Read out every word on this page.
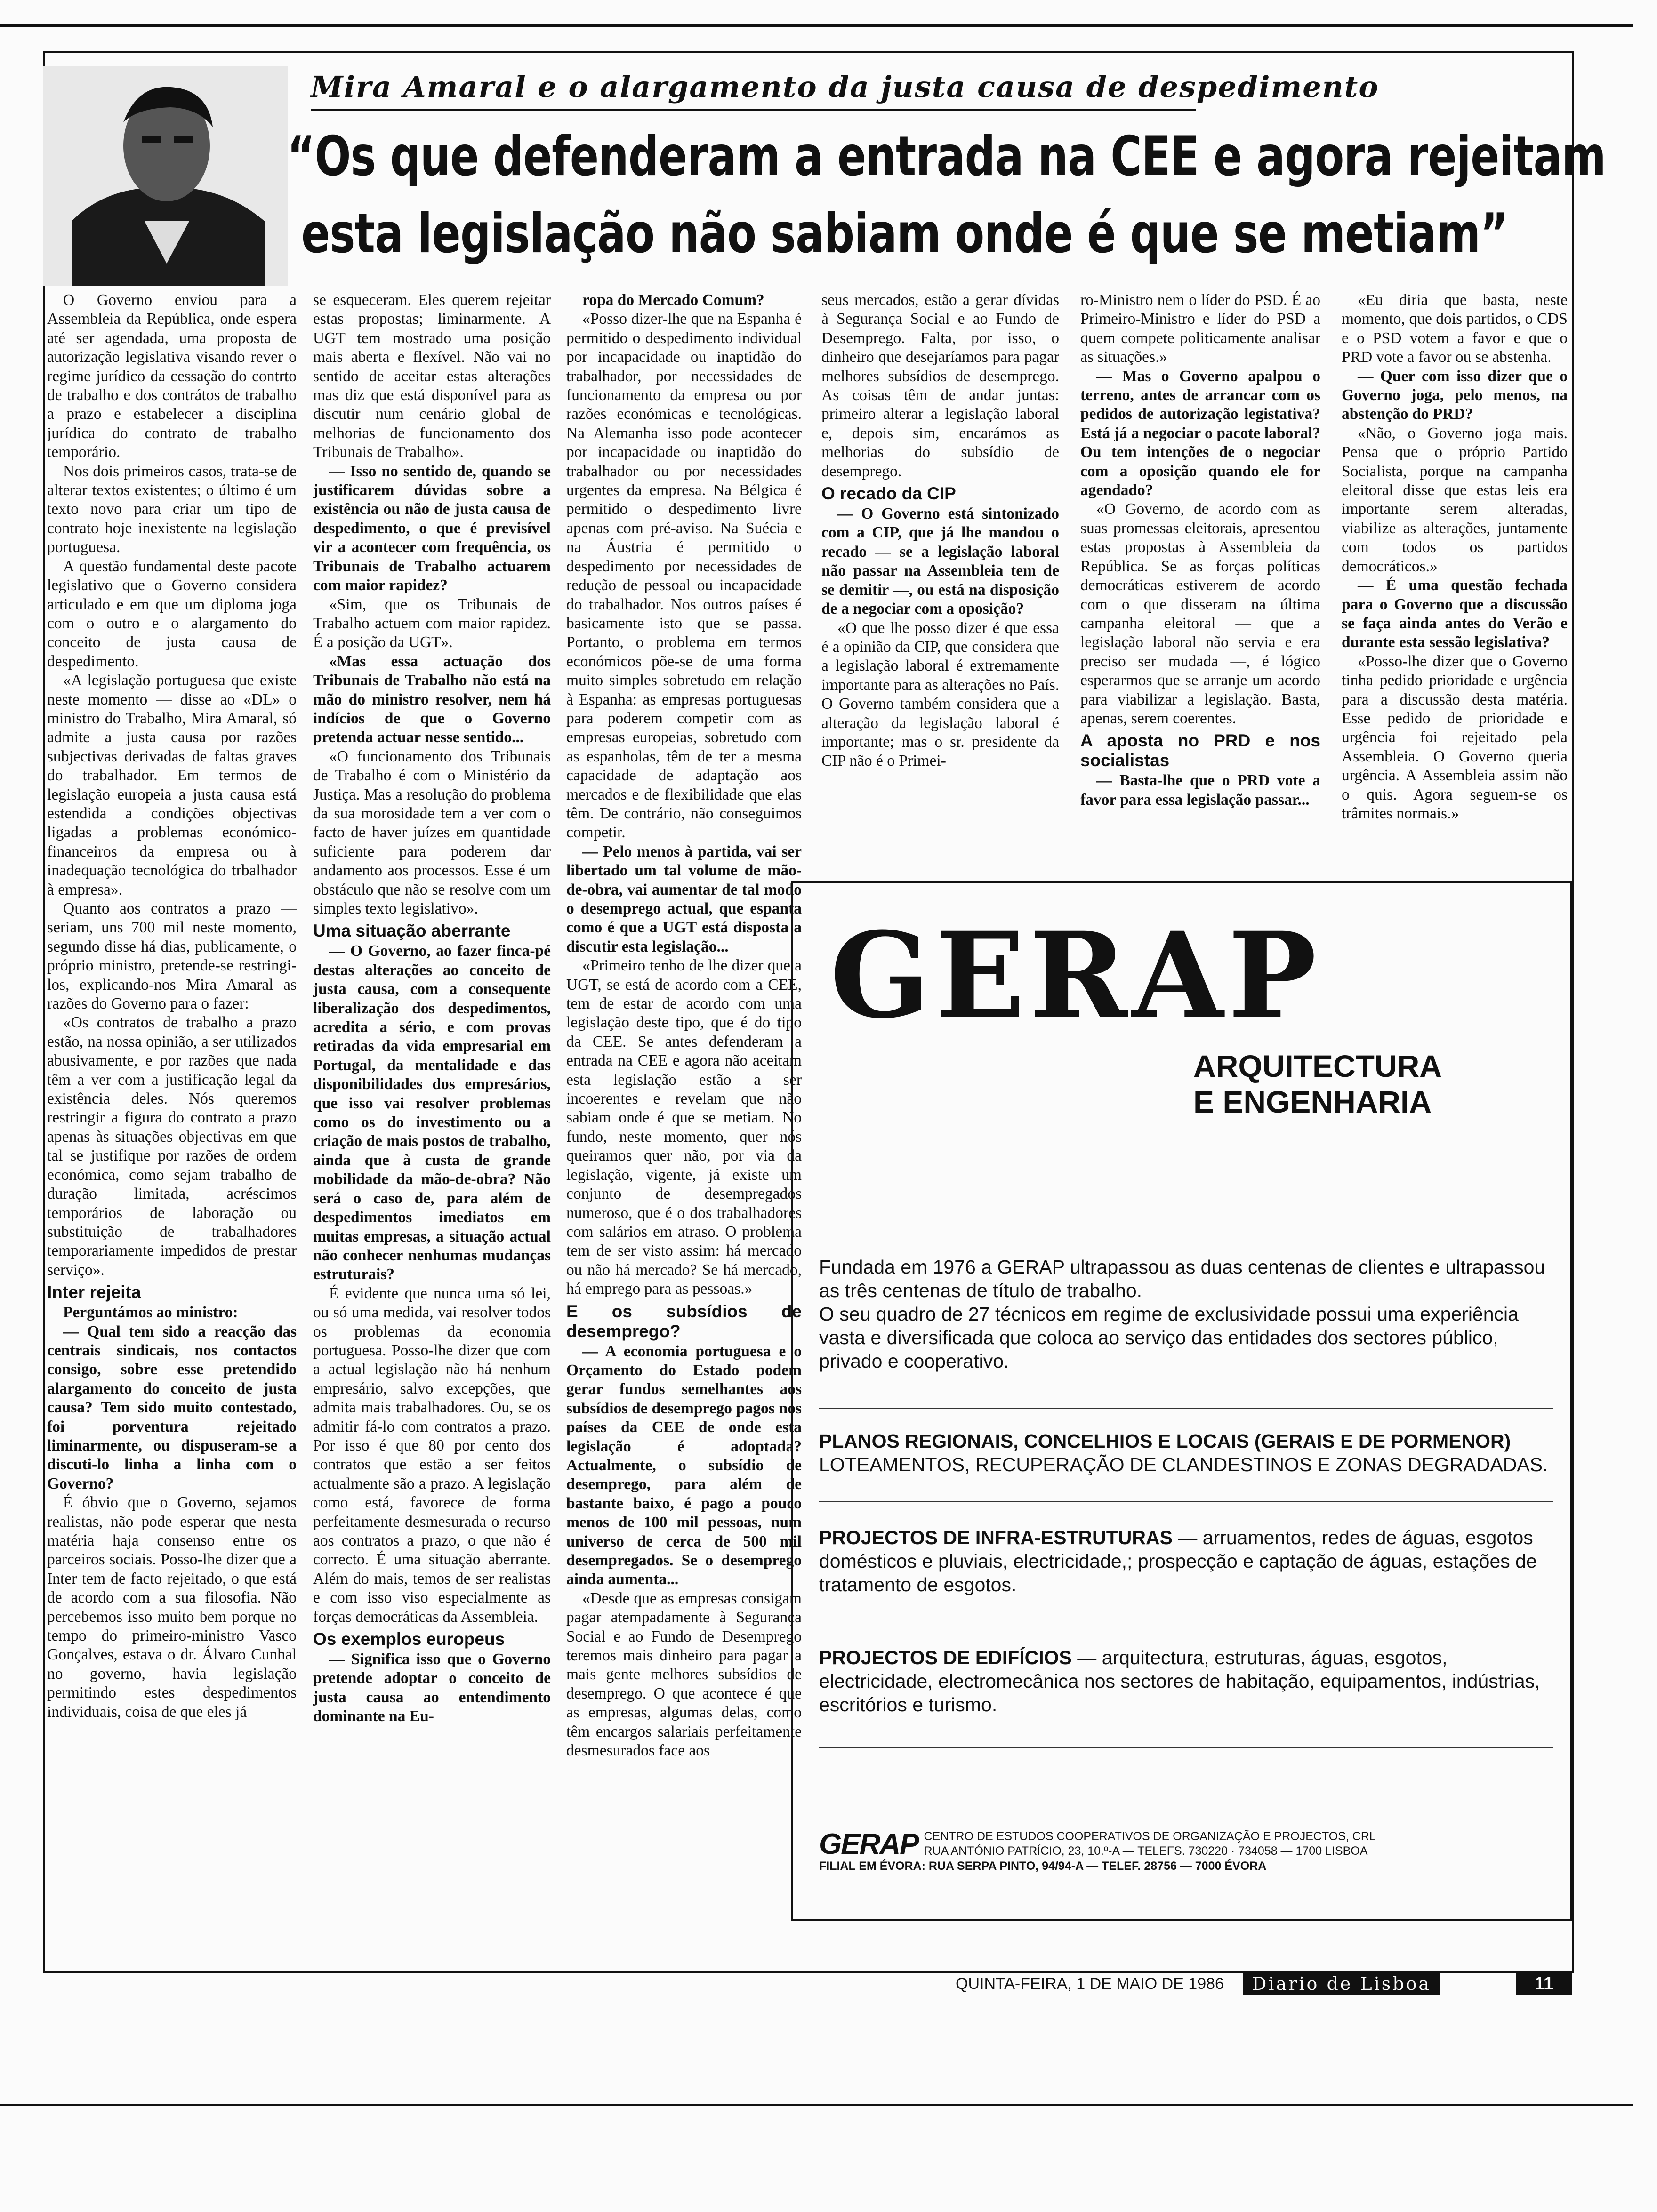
Mira Amaral e o alargamento da justa causa de despedimento
“Os que defenderam a entrada na CEE e agora rejeitam
esta legislação não sabiam onde é que se metiam”

O Governo enviou para a Assembleia da República, onde espera até ser agendada, uma proposta de autorização legislativa visando rever o regime jurídico da cessação do contrto de trabalho e dos contrátos de trabalho a prazo e estabelecer a disciplina jurídica do contrato de trabalho temporário.

Nos dois primeiros casos, trata-se de alterar textos existentes; o último é um texto novo para criar um tipo de contrato hoje inexistente na legislação portuguesa.

A questão fundamental deste pacote legislativo que o Governo considera articulado e em que um diploma joga com o outro e o alargamento do conceito de justa causa de despedimento.

«A legislação portuguesa que existe neste momento — disse ao «DL» o ministro do Trabalho, Mira Amaral, só admite a justa causa por razões subjectivas derivadas de faltas graves do trabalhador. Em termos de legislação europeia a justa causa está estendida a condições objectivas ligadas a problemas económico-financeiros da empresa ou à inadequação tecnológica do trbalhador à empresa».

Quanto aos contratos a prazo — seriam, uns 700 mil neste momento, segundo disse há dias, publicamente, o próprio ministro, pretende-se restringi-los, explicando-nos Mira Amaral as razões do Governo para o fazer:

«Os contratos de trabalho a prazo estão, na nossa opinião, a ser utilizados abusivamente, e por razões que nada têm a ver com a justificação legal da existência deles. Nós queremos restringir a figura do contrato a prazo apenas às situações objectivas em que tal se justifique por razões de ordem económica, como sejam trabalho de duração limitada, acréscimos temporários de laboração ou substituição de trabalhadores temporariamente impedidos de prestar serviço».

Inter rejeita

Perguntámos ao ministro:

— Qual tem sido a reacção das centrais sindicais, nos contactos consigo, sobre esse pretendido alargamento do conceito de justa causa? Tem sido muito contestado, foi porventura rejeitado liminarmente, ou dispuseram-se a discuti-lo linha a linha com o Governo?

É óbvio que o Governo, sejamos realistas, não pode esperar que nesta matéria haja consenso entre os parceiros sociais. Posso-lhe dizer que a Inter tem de facto rejeitado, o que está de acordo com a sua filosofia. Não percebemos isso muito bem porque no tempo do primeiro-ministro Vasco Gonçalves, estava o dr. Álvaro Cunhal no governo, havia legislação permitindo estes despedimentos individuais, coisa de que eles já

se esqueceram. Eles querem rejeitar estas propostas; liminarmente. A UGT tem mostrado uma posição mais aberta e flexível. Não vai no sentido de aceitar estas alterações mas diz que está disponível para as discutir num cenário global de melhorias de funcionamento dos Tribunais de Trabalho».

— Isso no sentido de, quando se justificarem dúvidas sobre a existência ou não de justa causa de despedimento, o que é previsível vir a acontecer com frequência, os Tribunais de Trabalho actuarem com maior rapidez?

«Sim, que os Tribunais de Trabalho actuem com maior rapidez. É a posição da UGT».

«Mas essa actuação dos Tribunais de Trabalho não está na mão do ministro resolver, nem há indícios de que o Governo pretenda actuar nesse sentido...

«O funcionamento dos Tribunais de Trabalho é com o Ministério da Justiça. Mas a resolução do problema da sua morosidade tem a ver com o facto de haver juízes em quantidade suficiente para poderem dar andamento aos processos. Esse é um obstáculo que não se resolve com um simples texto legislativo».

Uma situação aberrante

— O Governo, ao fazer finca-pé destas alterações ao conceito de justa causa, com a consequente liberalização dos despedimentos, acredita a sério, e com provas retiradas da vida empresarial em Portugal, da mentalidade e das disponibilidades dos empresários, que isso vai resolver problemas como os do investimento ou a criação de mais postos de trabalho, ainda que à custa de grande mobilidade da mão-de-obra? Não será o caso de, para além de despedimentos imediatos em muitas empresas, a situação actual não conhecer nenhumas mudanças estruturais?

É evidente que nunca uma só lei, ou só uma medida, vai resolver todos os problemas da economia portuguesa. Posso-lhe dizer que com a actual legislação não há nenhum empresário, salvo excepções, que admita mais trabalhadores. Ou, se os admitir fá-lo com contratos a prazo. Por isso é que 80 por cento dos contratos que estão a ser feitos actualmente são a prazo. A legislação como está, favorece de forma perfeitamente desmesurada o recurso aos contratos a prazo, o que não é correcto. É uma situação aberrante. Além do mais, temos de ser realistas e com isso viso especialmente as forças democráticas da Assembleia.

Os exemplos europeus

— Significa isso que o Governo pretende adoptar o conceito de justa causa ao entendimento dominante na Eu-

ropa do Mercado Comum?

«Posso dizer-lhe que na Espanha é permitido o despedimento individual por incapacidade ou inaptidão do trabalhador, por necessidades de funcionamento da empresa ou por razões económicas e tecnológicas. Na Alemanha isso pode acontecer por incapacidade ou inaptidão do trabalhador ou por necessidades urgentes da empresa. Na Bélgica é permitido o despedimento livre apenas com pré-aviso. Na Suécia e na Áustria é permitido o despedimento por necessidades de redução de pessoal ou incapacidade do trabalhador. Nos outros países é basicamente isto que se passa. Portanto, o problema em termos económicos põe-se de uma forma muito simples sobretudo em relação à Espanha: as empresas portuguesas para poderem competir com as empresas europeias, sobretudo com as espanholas, têm de ter a mesma capacidade de adaptação aos mercados e de flexibilidade que elas têm. De contrário, não conseguimos competir.

— Pelo menos à partida, vai ser libertado um tal volume de mão-de-obra, vai aumentar de tal modo o desemprego actual, que espanta como é que a UGT está disposta a discutir esta legislação...

«Primeiro tenho de lhe dizer que a UGT, se está de acordo com a CEE, tem de estar de acordo com uma legislação deste tipo, que é do tipo da CEE. Se antes defenderam a entrada na CEE e agora não aceitam esta legislação estão a ser incoerentes e revelam que não sabiam onde é que se metiam. No fundo, neste momento, quer nós queiramos quer não, por via da legislação, vigente, já existe um conjunto de desempregados numeroso, que é o dos trabalhadores com salários em atraso. O problema tem de ser visto assim: há mercado ou não há mercado? Se há mercado, há emprego para as pessoas.»

E os subsídios de desemprego?

— A economia portuguesa e o Orçamento do Estado podem gerar fundos semelhantes aos subsídios de desemprego pagos nos países da CEE de onde esta legislação é adoptada? Actualmente, o subsídio de desemprego, para além de bastante baixo, é pago a pouco menos de 100 mil pessoas, num universo de cerca de 500 mil desempregados. Se o desemprego ainda aumenta...

«Desde que as empresas consigam pagar atempadamente à Segurança Social e ao Fundo de Desemprego teremos mais dinheiro para pagar a mais gente melhores subsídios de desemprego. O que acontece é que as empresas, algumas delas, como têm encargos salariais perfeitamente desmesurados face aos

seus mercados, estão a gerar dívidas à Segurança Social e ao Fundo de Desemprego. Falta, por isso, o dinheiro que desejaríamos para pagar melhores subsídios de desemprego. As coisas têm de andar juntas: primeiro alterar a legislação laboral e, depois sim, encarámos as melhorias do subsídio de desemprego.

O recado da CIP

— O Governo está sintonizado com a CIP, que já lhe mandou o recado — se a legislação laboral não passar na Assembleia tem de se demitir —, ou está na disposição de a negociar com a oposição?

«O que lhe posso dizer é que essa é a opinião da CIP, que considera que a legislação laboral é extremamente importante para as alterações no País. O Governo também considera que a alteração da legislação laboral é importante; mas o sr. presidente da CIP não é o Primei-

ro-Ministro nem o líder do PSD. É ao Primeiro-Ministro e líder do PSD a quem compete politicamente analisar as situações.»

— Mas o Governo apalpou o terreno, antes de arrancar com os pedidos de autorização legistativa? Está já a negociar o pacote laboral? Ou tem intenções de o negociar com a oposição quando ele for agendado?

«O Governo, de acordo com as suas promessas eleitorais, apresentou estas propostas à Assembleia da República. Se as forças políticas democráticas estiverem de acordo com o que disseram na última campanha eleitoral — que a legislação laboral não servia e era preciso ser mudada —, é lógico esperarmos que se arranje um acordo para viabilizar a legislação. Basta, apenas, serem coerentes.

A aposta no PRD e nos socialistas

— Basta-lhe que o PRD vote a favor para essa legislação passar...

«Eu diria que basta, neste momento, que dois partidos, o CDS e o PSD votem a favor e que o PRD vote a favor ou se abstenha.

— Quer com isso dizer que o Governo joga, pelo menos, na abstenção do PRD?

«Não, o Governo joga mais. Pensa que o próprio Partido Socialista, porque na campanha eleitoral disse que estas leis era importante serem alteradas, viabilize as alterações, juntamente com todos os partidos democráticos.»

— É uma questão fechada para o Governo que a discussão se faça ainda antes do Verão e durante esta sessão legislativa?

«Posso-lhe dizer que o Governo tinha pedido prioridade e urgência para a discussão desta matéria. Esse pedido de prioridade e urgência foi rejeitado pela Assembleia. O Governo queria urgência. A Assembleia assim não o quis. Agora seguem-se os trâmites normais.»

GERAP
ARQUITECTURA
E ENGENHARIA
Fundada em 1976 a GERAP ultrapassou as duas centenas de clientes e ultrapassou as três centenas de título de trabalho.
O seu quadro de 27 técnicos em regime de exclusividade possui uma experiência vasta e diversificada que coloca ao serviço das entidades dos sectores público, privado e cooperativo.
PLANOS REGIONAIS, CONCELHIOS E LOCAIS (GERAIS E DE PORMENOR)
LOTEAMENTOS, RECUPERAÇÃO DE CLANDESTINOS E ZONAS DEGRADADAS.
PROJECTOS DE INFRA-ESTRUTURAS — arruamentos, redes de águas, esgotos domésticos e pluviais, electricidade,; prospecção e captação de águas, estações de tratamento de esgotos.
PROJECTOS DE EDIFÍCIOS — arquitectura, estruturas, águas, esgotos, electricidade, electromecânica nos sectores de habitação, equipamentos, indústrias, escritórios e turismo.
GERAP CENTRO DE ESTUDOS COOPERATIVOS DE ORGANIZAÇÃO E PROJECTOS, CRL
RUA ANTÓNIO PATRÍCIO, 23, 10.º-A — TELEFS. 730220 · 734058 — 1700 LISBOA
FILIAL EM ÉVORA: RUA SERPA PINTO, 94/94-A — TELEF. 28756 — 7000 ÉVORA
QUINTA-FEIRA, 1 DE MAIO DE 1986	Diario de Lisboa	11
